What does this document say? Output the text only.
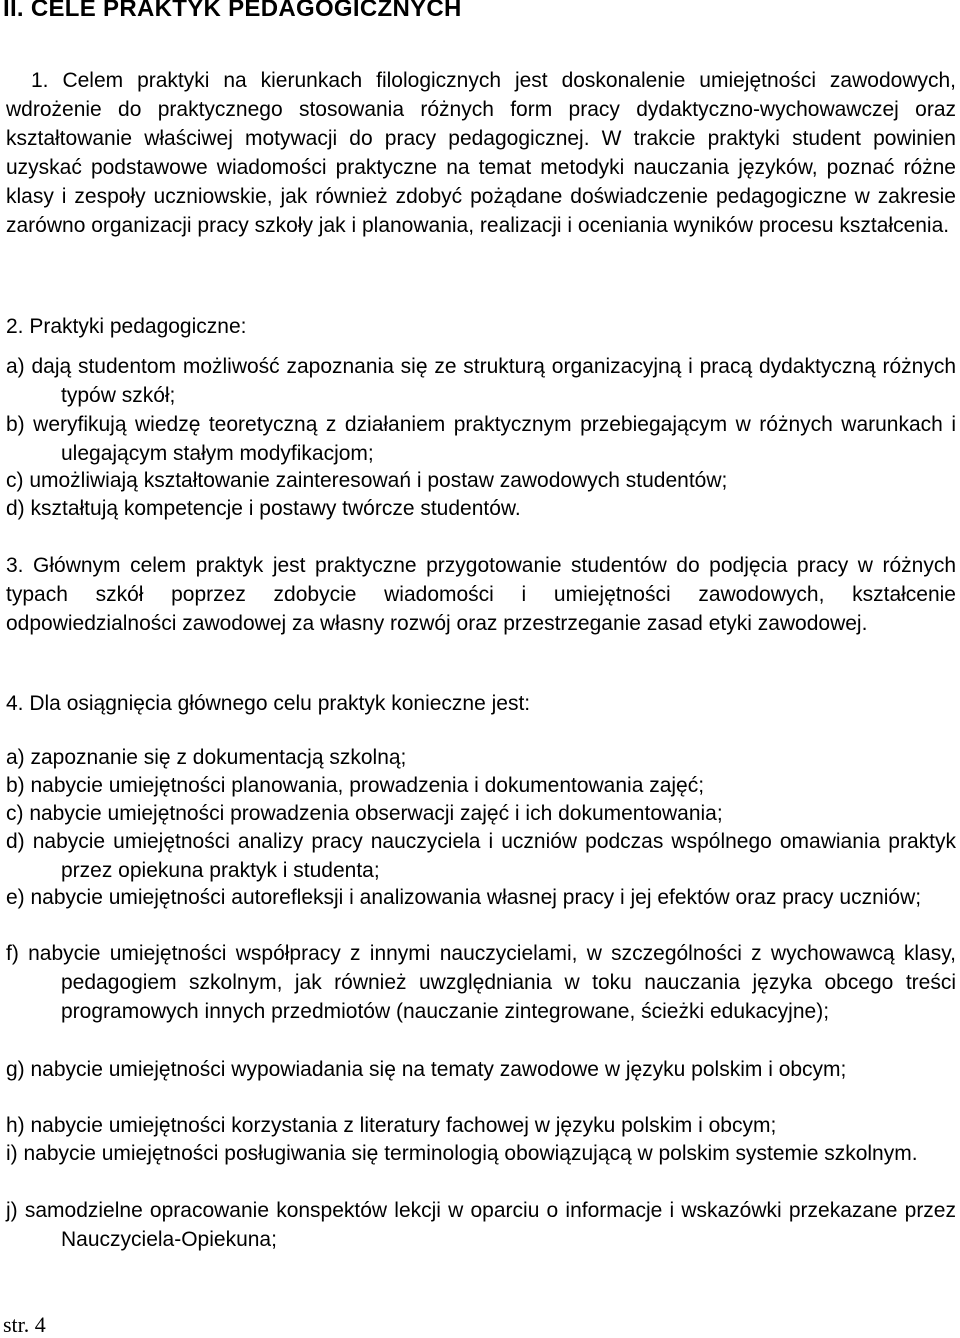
II. CELE PRAKTYK PEDAGOGICZNYCH

1. Celem praktyki na kierunkach filologicznych jest doskonalenie umiejętności zawodowych, wdrożenie do praktycznego stosowania różnych form pracy dydaktyczno-wychowawczej oraz kształtowanie właściwej motywacji do pracy pedagogicznej. W trakcie praktyki student powinien uzyskać podstawowe wiadomości praktyczne na temat metodyki nauczania języków, poznać różne klasy i zespoły uczniowskie, jak również zdobyć pożądane doświadczenie pedagogiczne w zakresie zarówno organizacji pracy szkoły jak i planowania, realizacji i oceniania wyników procesu kształcenia.

2. Praktyki pedagogiczne:

a) dają studentom możliwość zapoznania się ze strukturą organizacyjną i pracą dydaktyczną różnych typów szkół;

b) weryfikują wiedzę teoretyczną z działaniem praktycznym przebiegającym w różnych warunkach i ulegającym stałym modyfikacjom;

c) umożliwiają kształtowanie zainteresowań i postaw zawodowych studentów;

d) kształtują kompetencje i postawy twórcze studentów.

3. Głównym celem praktyk jest praktyczne przygotowanie studentów do podjęcia pracy w różnych typach szkół poprzez zdobycie wiadomości i umiejętności zawodowych, kształcenie odpowiedzialności zawodowej za własny rozwój oraz przestrzeganie zasad etyki zawodowej.

4. Dla osiągnięcia głównego celu praktyk konieczne jest:

a) zapoznanie się z dokumentacją szkolną;

b) nabycie umiejętności planowania, prowadzenia i dokumentowania zajęć;

c) nabycie umiejętności prowadzenia obserwacji zajęć i ich dokumentowania;

d) nabycie umiejętności analizy pracy nauczyciela i uczniów podczas wspólnego omawiania praktyk przez opiekuna praktyk i studenta;

e) nabycie umiejętności autorefleksji i analizowania własnej pracy i jej efektów oraz pracy uczniów;

f) nabycie umiejętności współpracy z innymi nauczycielami, w szczególności z wychowawcą klasy, pedagogiem szkolnym, jak również uwzględniania w toku nauczania języka obcego treści programowych innych przedmiotów (nauczanie zintegrowane, ścieżki edukacyjne);

g) nabycie umiejętności wypowiadania się na tematy zawodowe w języku polskim i obcym;

h) nabycie umiejętności korzystania z literatury fachowej w języku polskim i obcym;

i) nabycie umiejętności posługiwania się terminologią obowiązującą w polskim systemie szkolnym.

j) samodzielne opracowanie konspektów lekcji w oparciu o informacje i wskazówki przekazane przez Nauczyciela-Opiekuna;

str. 4
